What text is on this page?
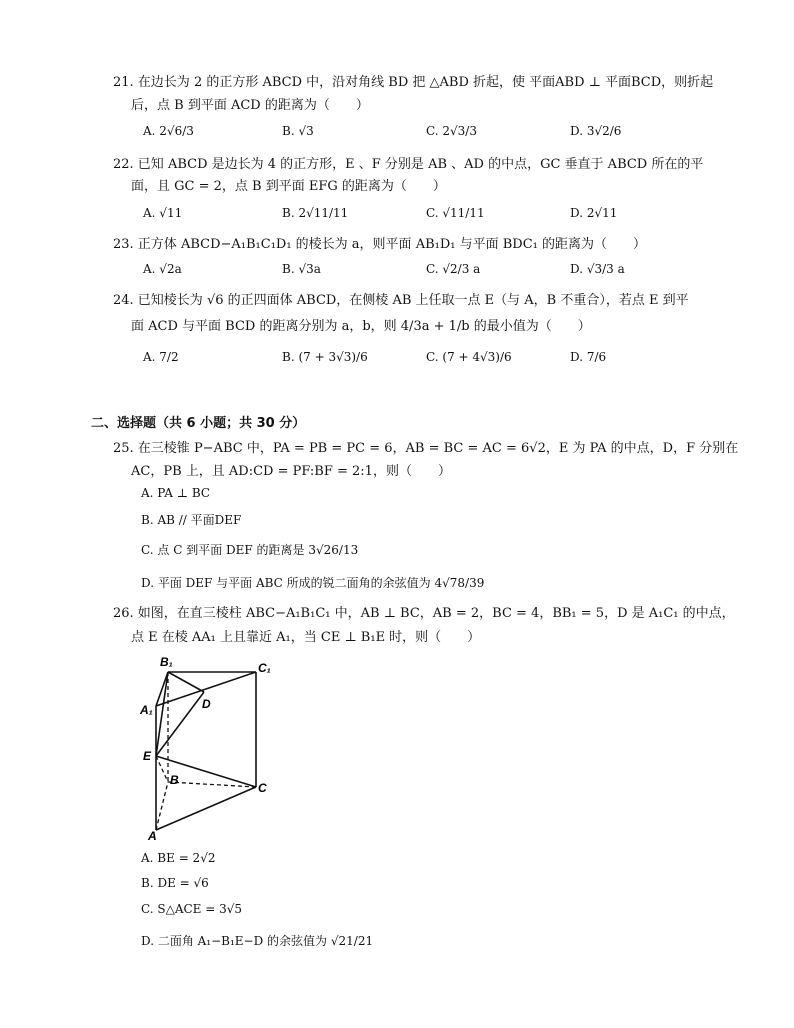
21. 在边长为 2 的正方形 ABCD 中，沿对角线 BD 把 △ABD 折起，使 平面ABD ⊥ 平面BCD，则折起
后，点 B 到平面 ACD 的距离为（　　）
A. 2√6/3	B. √3	C. 2√3/3	D. 3√2/6
22. 已知 ABCD 是边长为 4 的正方形，E 、F 分别是 AB 、AD 的中点，GC 垂直于 ABCD 所在的平
面，且 GC = 2，点 B 到平面 EFG 的距离为（　　）
A. √11	B. 2√11/11	C. √11/11	D. 2√11
23. 正方体 ABCD−A₁B₁C₁D₁ 的棱长为 a，则平面 AB₁D₁ 与平面 BDC₁ 的距离为（　　）
A. √2a	B. √3a	C. √2/3 a	D. √3/3 a
24. 已知棱长为 √6 的正四面体 ABCD，在侧棱 AB 上任取一点 E（与 A，B 不重合），若点 E 到平
面 ACD 与平面 BCD 的距离分别为 a，b，则 4/3a + 1/b 的最小值为（　　）
A. 7/2	B. (7 + 3√3)/6	C. (7 + 4√3)/6	D. 7/6
二、选择题（共 6 小题；共 30 分）
25. 在三棱锥 P−ABC 中，PA = PB = PC = 6，AB = BC = AC = 6√2，E 为 PA 的中点，D，F 分别在
AC，PB 上，且 AD:CD = PF:BF = 2:1，则（　　）
A. PA ⊥ BC
B. AB // 平面DEF
C. 点 C 到平面 DEF 的距离是 3√26/13
D. 平面 DEF 与平面 ABC 所成的锐二面角的余弦值为 4√78/39
26. 如图，在直三棱柱 ABC−A₁B₁C₁ 中，AB ⊥ BC，AB = 2，BC = 4，BB₁ = 5，D 是 A₁C₁ 的中点，
点 E 在棱 AA₁ 上且靠近 A₁，当 CE ⊥ B₁E 时，则（　　）
B₁	C₁
A₁	D
E
B
C
A
A. BE = 2√2
B. DE = √6
C. S△ACE = 3√5
D. 二面角 A₁−B₁E−D 的余弦值为 √21/21
